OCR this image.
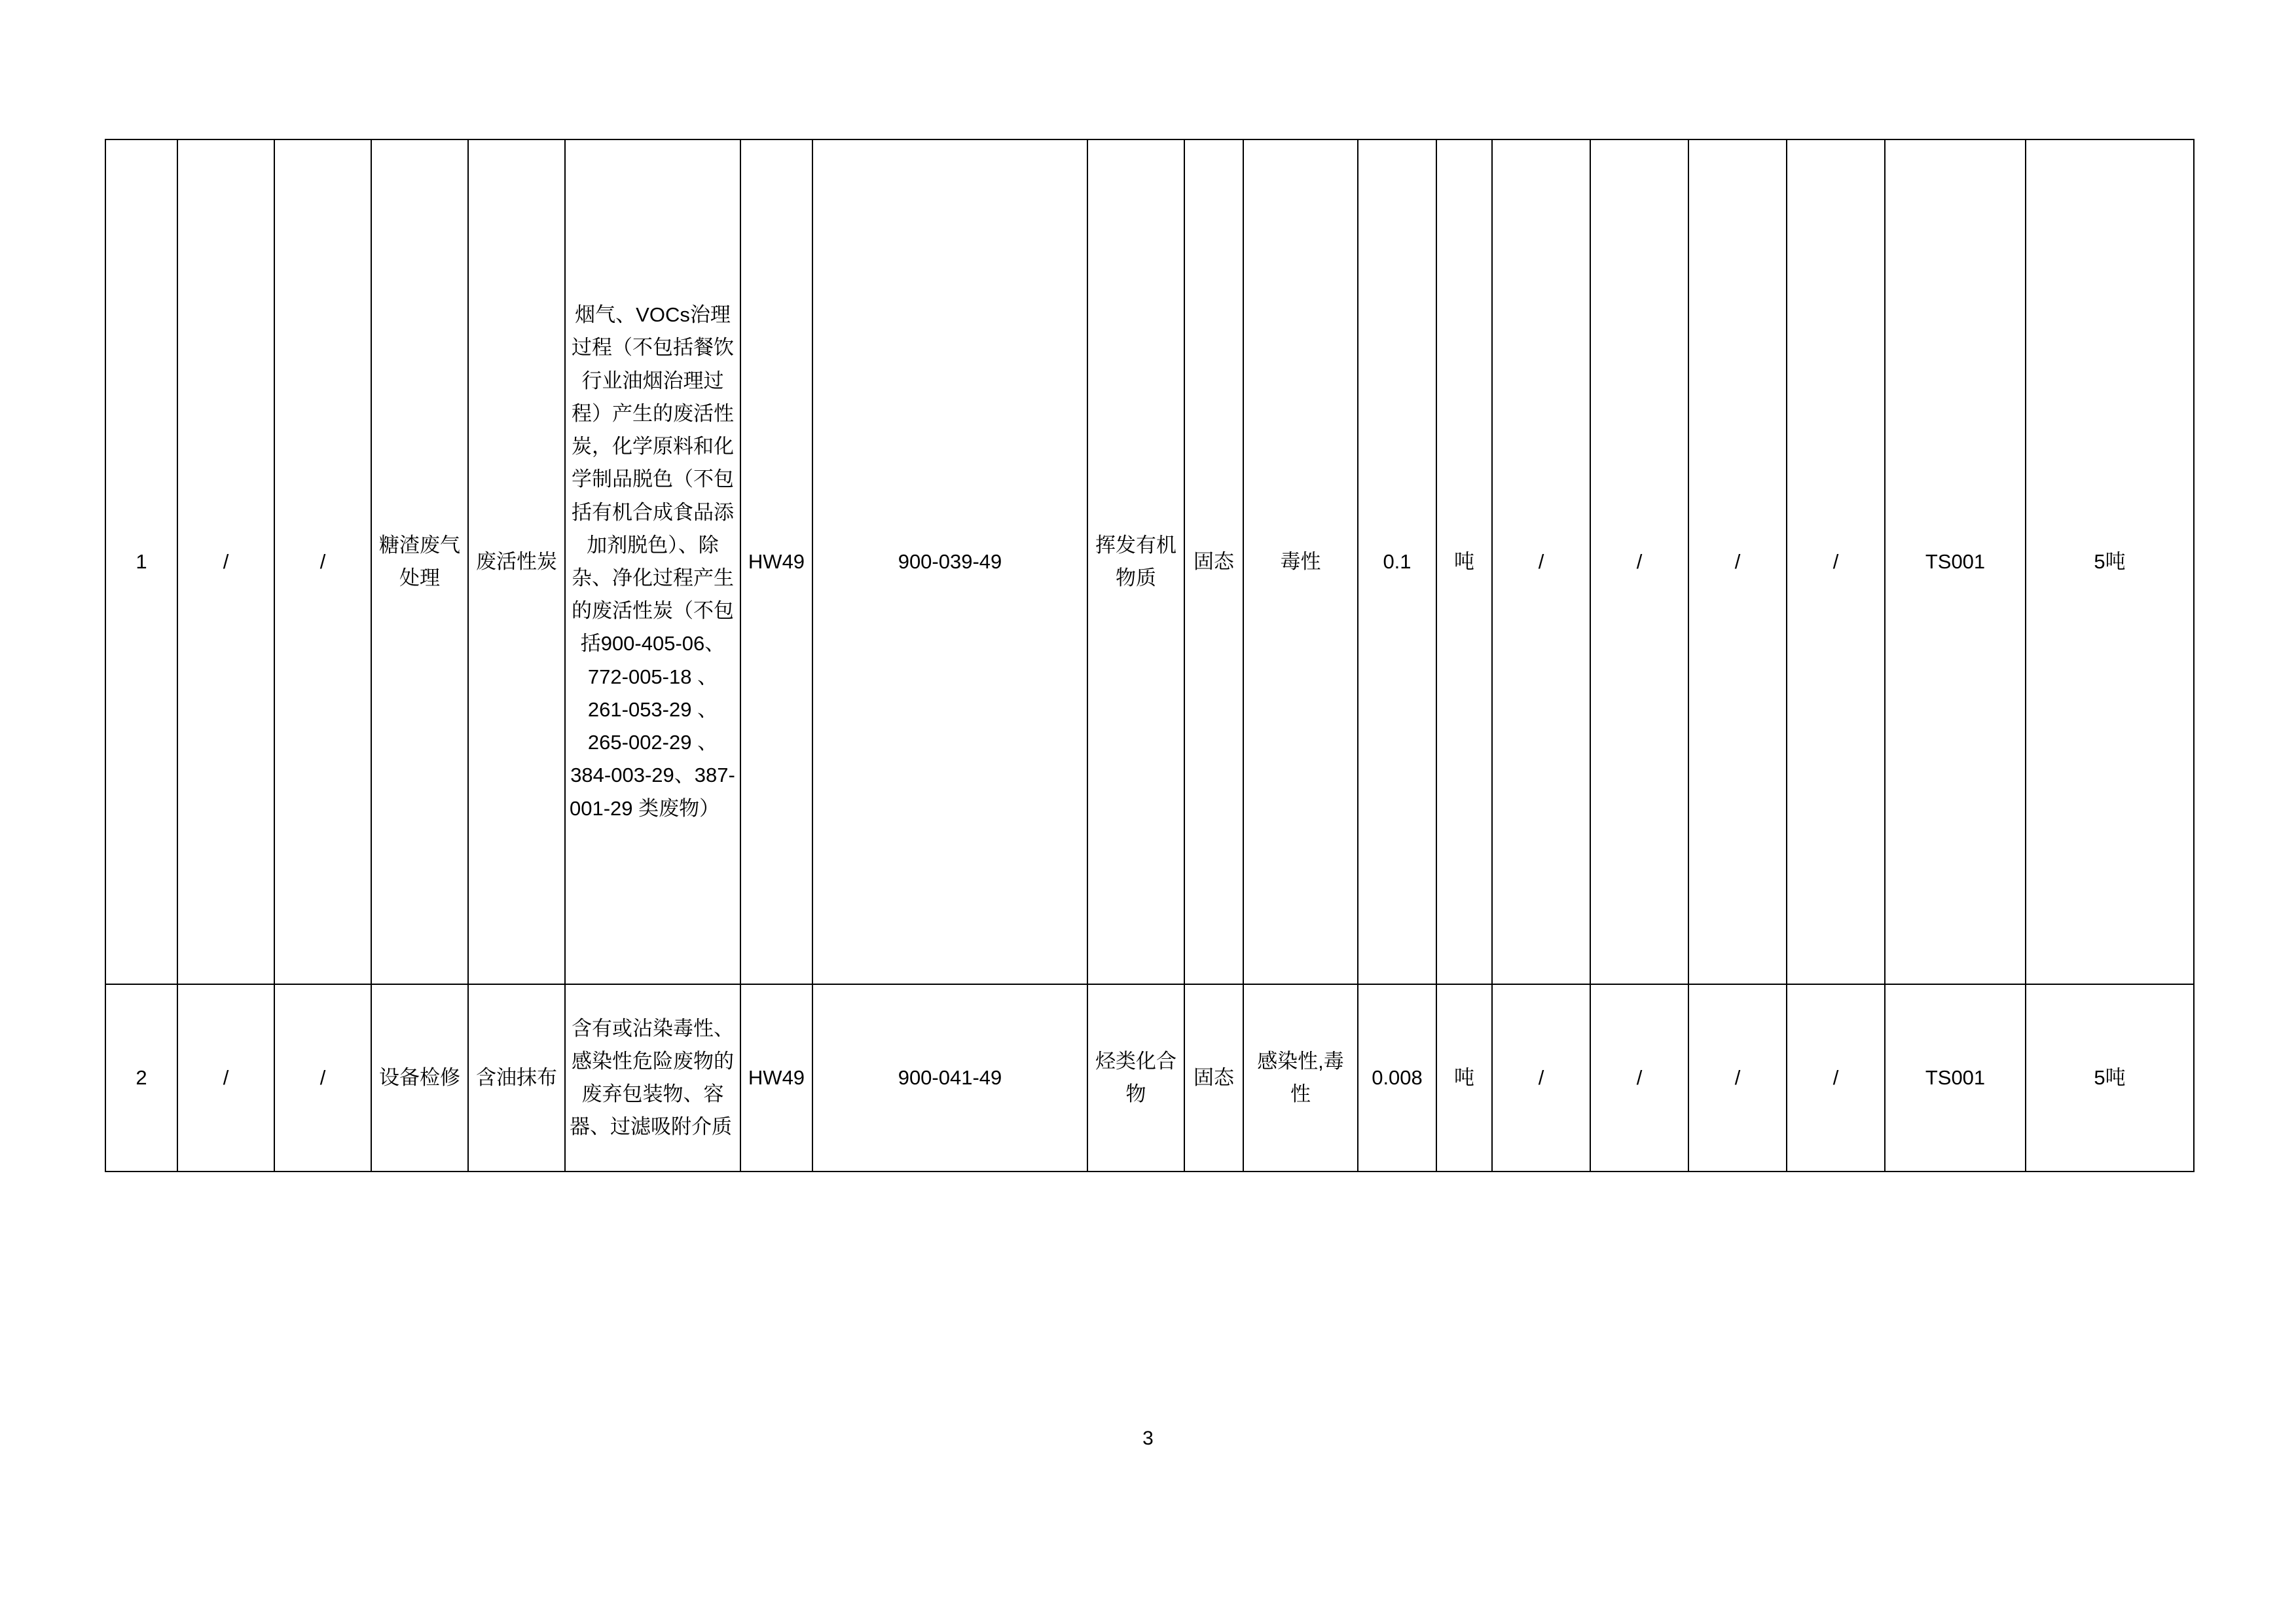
1	/	/	糖渣废气处理	废活性炭	烟气、VOCs治理过程（不包括餐饮行业油烟治理过程）产生的废活性炭，化学原料和化学制品脱色（不包括有机合成食品添加剂脱色）、除杂、净化过程产生的废活性炭（不包括900-405-06、 772-005-18 、 261-053-29 、 265-002-29 、 384-003-29、387-001-29 类废物）	HW49	900-039-49	挥发有机物质	固态	毒性	0.1	吨	/	/	/	/	TS001	5吨
2	/	/	设备检修	含油抹布	含有或沾染毒性、感染性危险废物的废弃包装物、容器、过滤吸附介质	HW49	900-041-49	烃类化合物	固态	感染性,毒性	0.008	吨	/	/	/	/	TS001	5吨
3
